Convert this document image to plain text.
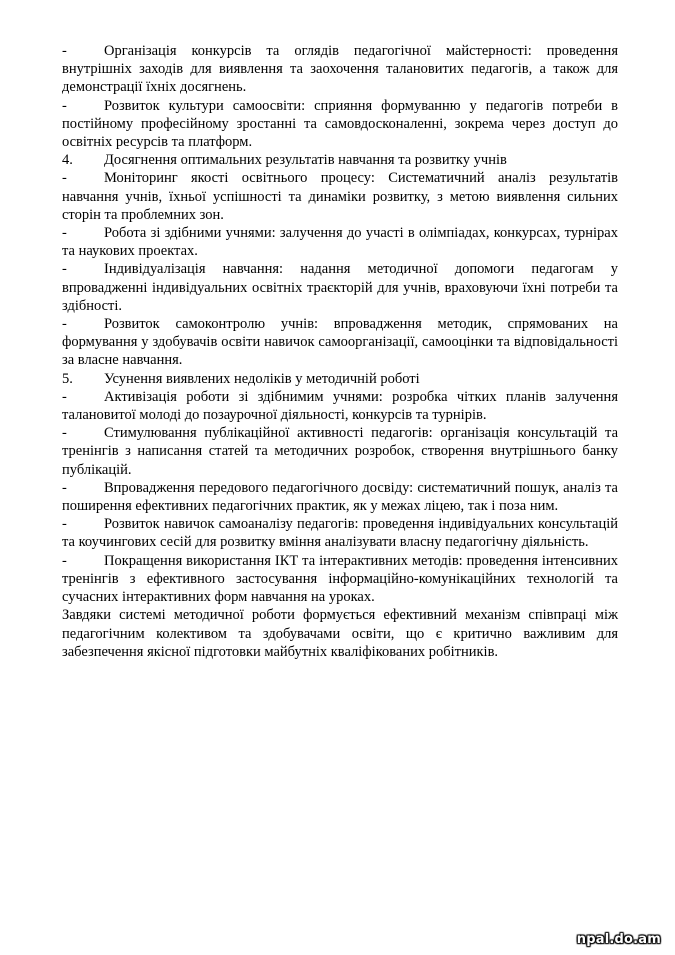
-	Організація конкурсів та оглядів педагогічної майстерності: проведення внутрішніх заходів для виявлення та заохочення талановитих педагогів, а також для демонстрації їхніх досягнень.

-	Розвиток культури самоосвіти: сприяння формуванню у педагогів потреби в постійному професійному зростанні та самовдосконаленні, зокрема через доступ до освітніх ресурсів та платформ.

4. Досягнення оптимальних результатів навчання та розвитку учнів

-	Моніторинг якості освітнього процесу: Систематичний аналіз результатів навчання учнів, їхньої успішності та динаміки розвитку, з метою виявлення сильних сторін та проблемних зон.

-	Робота зі здібними учнями: залучення до участі в олімпіадах, конкурсах, турнірах та наукових проектах.

-	Індивідуалізація навчання: надання методичної допомоги педагогам у впровадженні індивідуальних освітніх траєкторій для учнів, враховуючи їхні потреби та здібності.

-	Розвиток самоконтролю учнів: впровадження методик, спрямованих на формування у здобувачів освіти навичок самоорганізації, самооцінки та відповідальності за власне навчання.

5. Усунення виявлених недоліків у методичній роботі

-	Активізація роботи зі здібнимим учнями: розробка чітких планів залучення талановитої молоді до позаурочної діяльності, конкурсів та турнірів.

-	Стимулювання публікаційної активності педагогів: організація консультацій та тренінгів з написання статей та методичних розробок, створення внутрішнього банку публікацій.

-	Впровадження передового педагогічного досвіду: систематичний пошук, аналіз та поширення ефективних педагогічних практик, як у межах ліцею, так і поза ним.

-	Розвиток навичок самоаналізу педагогів: проведення індивідуальних консультацій та коучингових сесій для розвитку вміння аналізувати власну педагогічну діяльність.

-	Покращення використання ІКТ та інтерактивних методів: проведення інтенсивних тренінгів з ефективного застосування інформаційно-комунікаційних технологій та сучасних інтерактивних форм навчання на уроках.

Завдяки системі методичної роботи формується ефективний механізм співпраці між педагогічним колективом та здобувачами освіти, що є критично важливим для забезпечення якісної підготовки майбутніх кваліфікованих робітників.

npal.do.am
